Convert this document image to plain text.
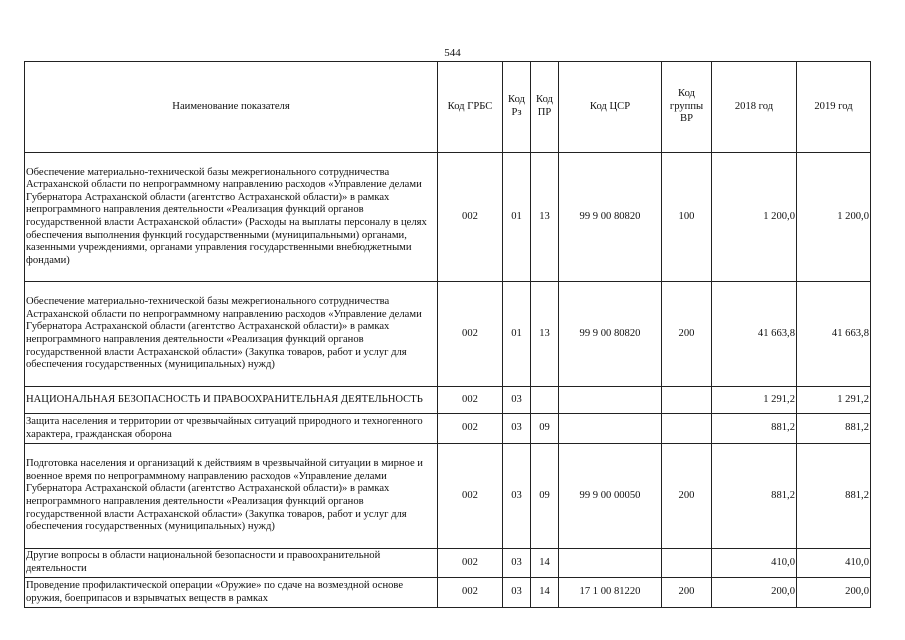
544
Наименование показателя	Код ГРБС	Код Рз	Код ПР	Код ЦСР	Код группы ВР	2018 год	2019 год
Обеспечение материально-технической базы межрегионального сотрудничества Астраханской области по непрограммному направлению расходов «Управление делами Губернатора Астраханской области (агентство Астраханской области)» в рамках непрограммного направления деятельности «Реализация функций органов государственной власти Астраханской области» (Расходы на выплаты персоналу в целях обеспечения выполнения функций государственными (муниципальными) органами, казенными учреждениями, органами управления государственными внебюджетными фондами)	002	01	13	99 9 00 80820	100	1 200,0	1 200,0
Обеспечение материально-технической базы межрегионального сотрудничества Астраханской области по непрограммному направлению расходов «Управление делами Губернатора Астраханской области (агентство Астраханской области)» в рамках непрограммного направления деятельности «Реализация функций органов государственной власти Астраханской области» (Закупка товаров, работ и услуг для обеспечения государственных (муниципальных) нужд)	002	01	13	99 9 00 80820	200	41 663,8	41 663,8
НАЦИОНАЛЬНАЯ БЕЗОПАСНОСТЬ И ПРАВООХРАНИТЕЛЬНАЯ ДЕЯТЕЛЬНОСТЬ	002	03				1 291,2	1 291,2
Защита населения и территории от чрезвычайных ситуаций природного и техногенного характера, гражданская оборона	002	03	09			881,2	881,2
Подготовка населения и организаций к действиям в чрезвычайной ситуации в мирное и военное время по непрограммному направлению расходов «Управление делами Губернатора Астраханской области (агентство Астраханской области)» в рамках непрограммного направления деятельности «Реализация функций органов государственной власти Астраханской области» (Закупка товаров, работ и услуг для обеспечения государственных (муниципальных) нужд)	002	03	09	99 9 00 00050	200	881,2	881,2
Другие вопросы в области национальной безопасности и правоохранительной деятельности	002	03	14			410,0	410,0
Проведение профилактической операции «Оружие» по сдаче на возмездной основе оружия, боеприпасов и взрывчатых веществ в рамках	002	03	14	17 1 00 81220	200	200,0	200,0
